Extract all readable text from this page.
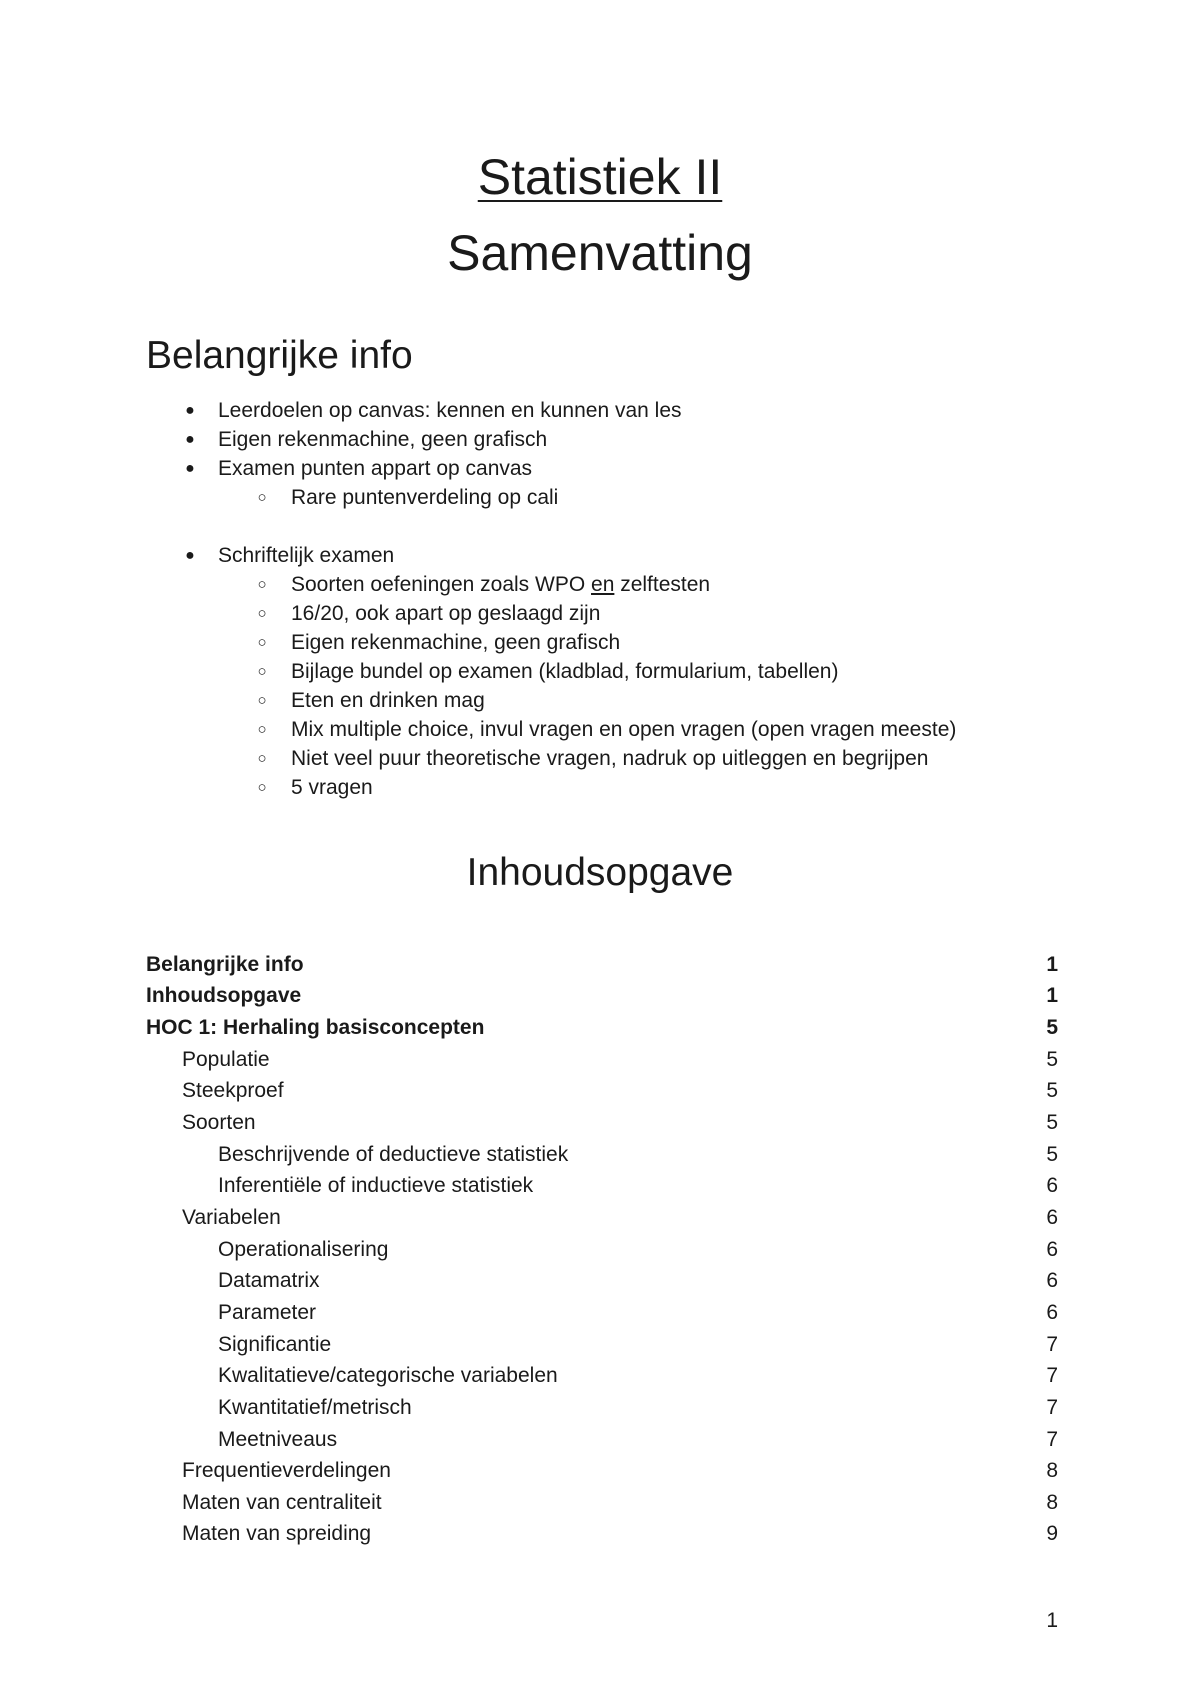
Statistiek II
Samenvatting
Belangrijke info
● Leerdoelen op canvas: kennen en kunnen van les
● Eigen rekenmachine, geen grafisch
● Examen punten appart op canvas
○ Rare puntenverdeling op cali
● Schriftelijk examen
○ Soorten oefeningen zoals WPO en zelftesten
○ 16/20, ook apart op geslaagd zijn
○ Eigen rekenmachine, geen grafisch
○ Bijlage bundel op examen (kladblad, formularium, tabellen)
○ Eten en drinken mag
○ Mix multiple choice, invul vragen en open vragen (open vragen meeste)
○ Niet veel puur theoretische vragen, nadruk op uitleggen en begrijpen
○ 5 vragen
Inhoudsopgave
Belangrijke info	1
Inhoudsopgave	1
HOC 1: Herhaling basisconcepten	5
Populatie	5
Steekproef	5
Soorten	5
Beschrijvende of deductieve statistiek	5
Inferentiële of inductieve statistiek	6
Variabelen	6
Operationalisering	6
Datamatrix	6
Parameter	6
Significantie	7
Kwalitatieve/categorische variabelen	7
Kwantitatief/metrisch	7
Meetniveaus	7
Frequentieverdelingen	8
Maten van centraliteit	8
Maten van spreiding	9
1
